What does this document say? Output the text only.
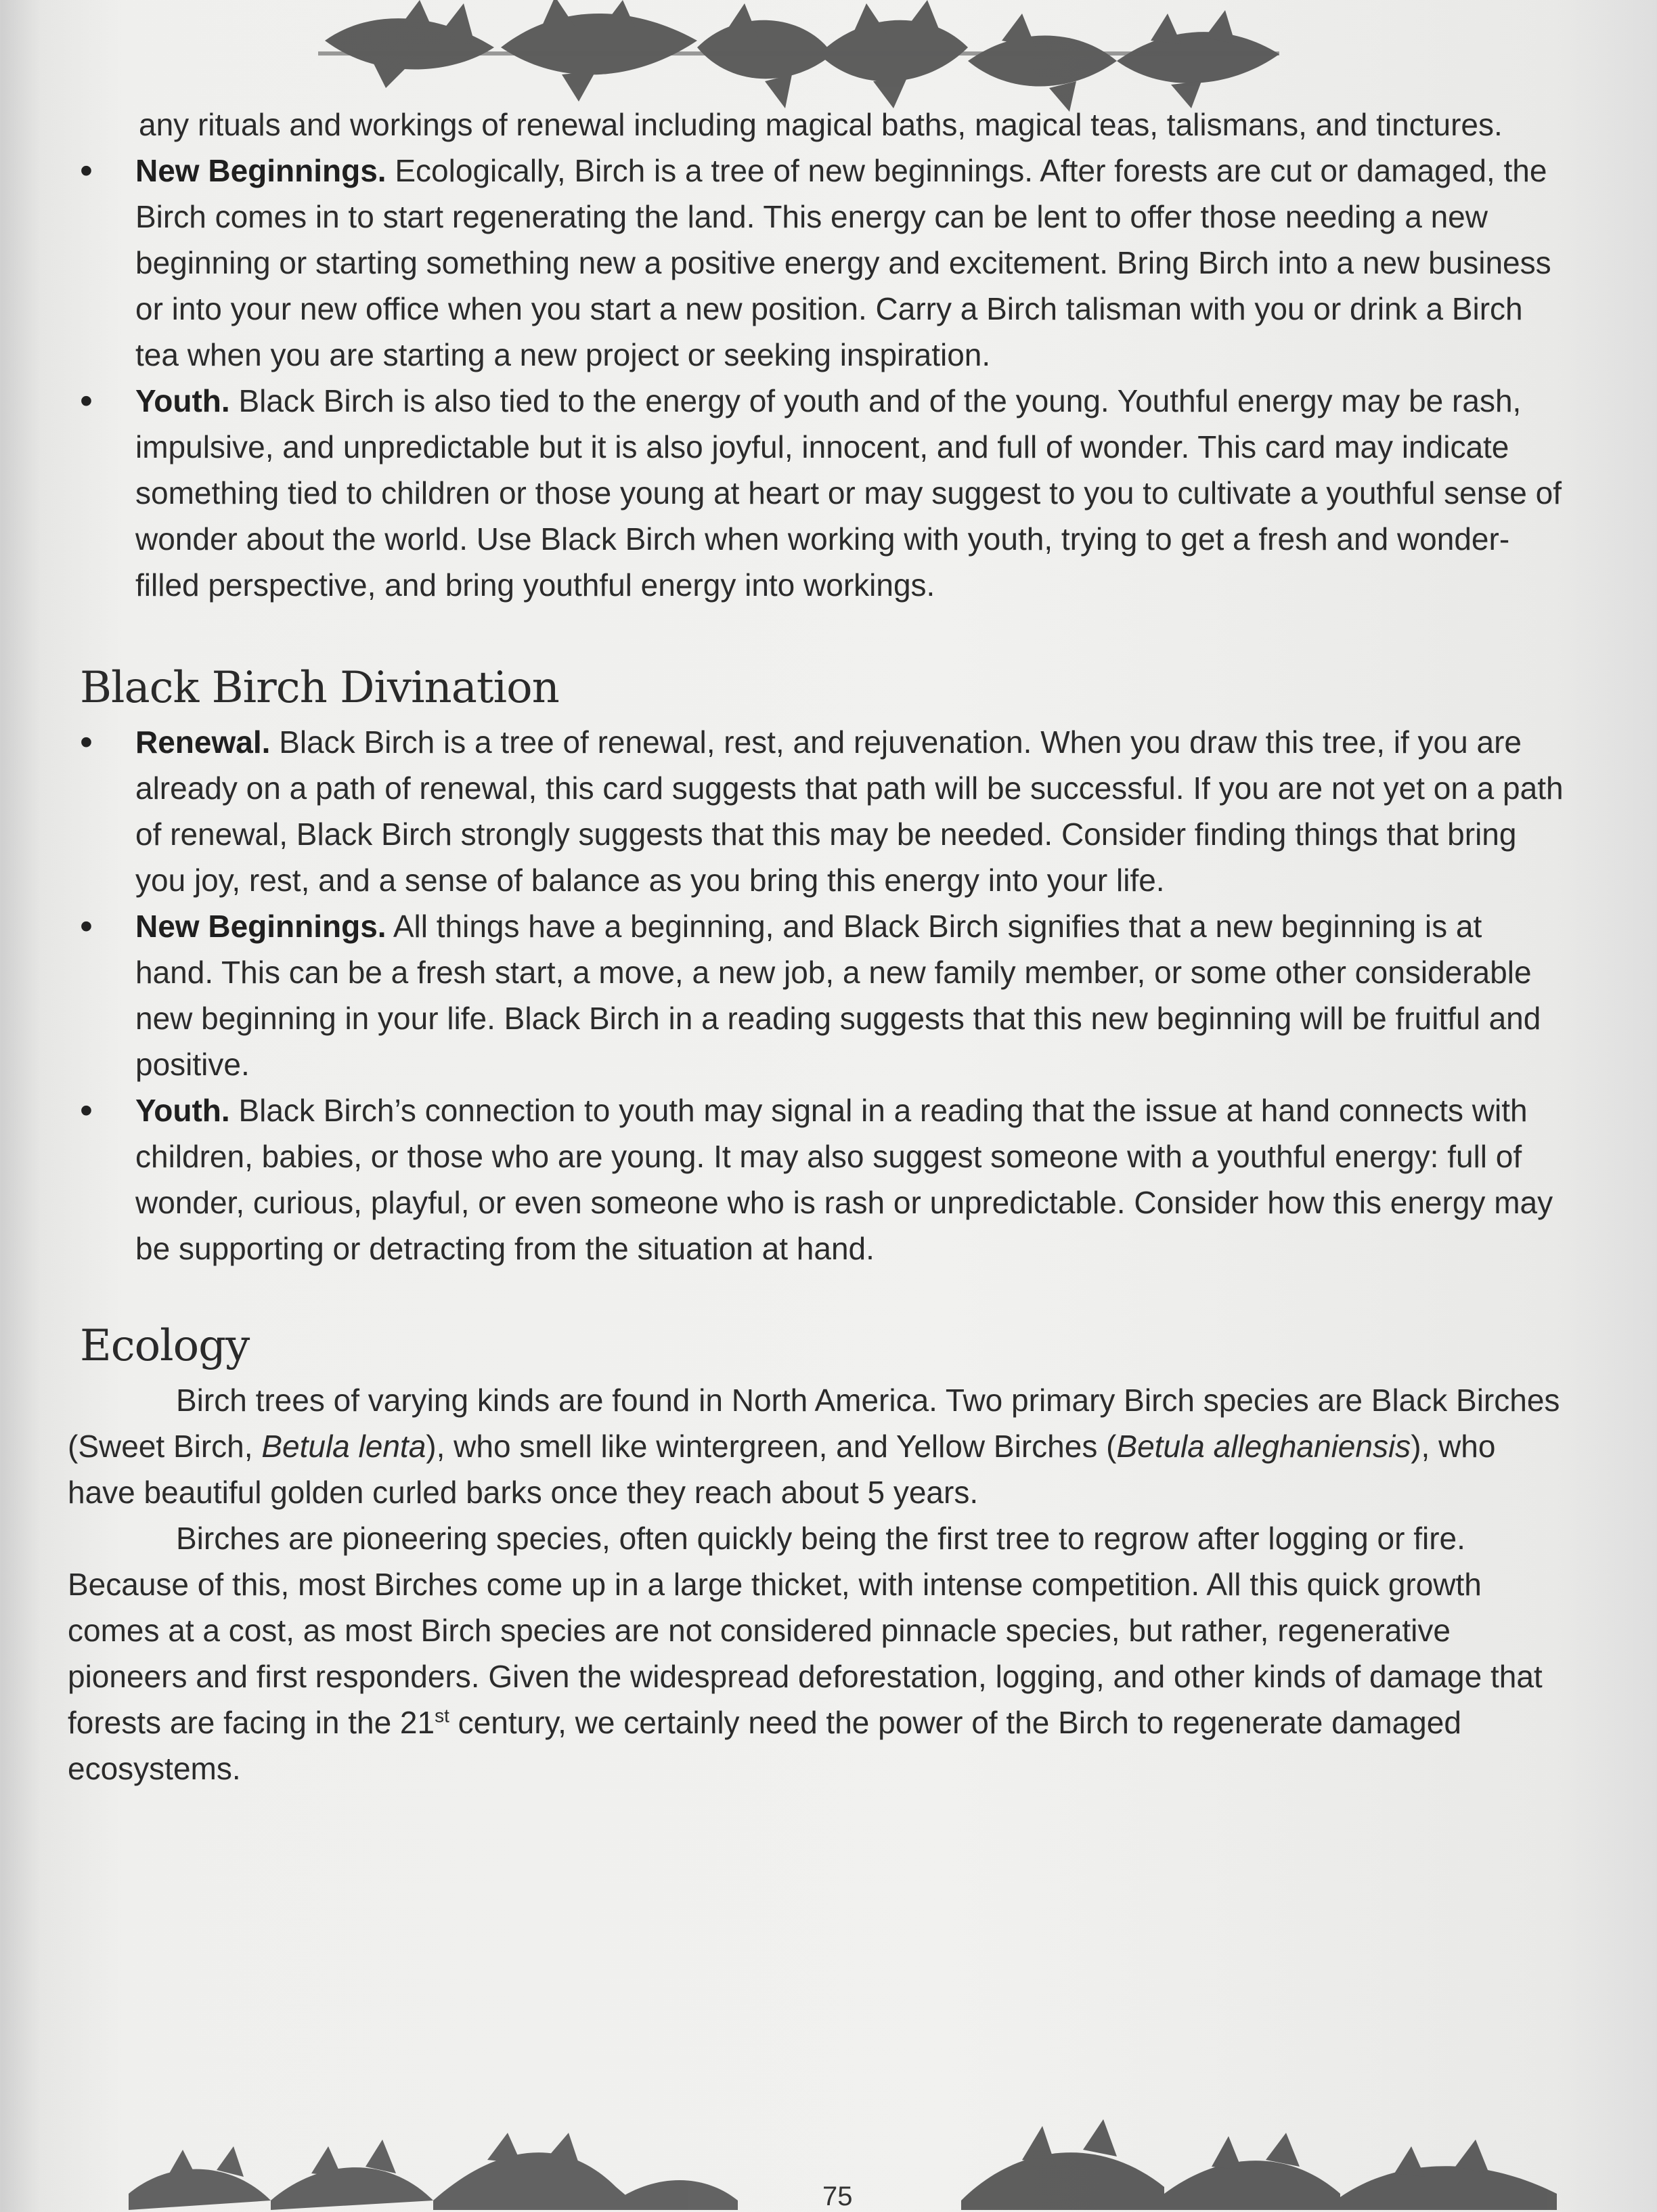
any rituals and workings of renewal including magical baths, magical teas, talismans, and tinctures.

• New Beginnings. Ecologically, Birch is a tree of new beginnings. After forests are cut or damaged, the Birch comes in to start regenerating the land. This energy can be lent to offer those needing a new beginning or starting something new a positive energy and excitement. Bring Birch into a new business or into your new office when you start a new position. Carry a Birch talisman with you or drink a Birch tea when you are starting a new project or seeking inspiration.
• Youth. Black Birch is also tied to the energy of youth and of the young. Youthful energy may be rash, impulsive, and unpredictable but it is also joyful, innocent, and full of wonder. This card may indicate something tied to children or those young at heart or may suggest to you to cultivate a youthful sense of wonder about the world. Use Black Birch when working with youth, trying to get a fresh and wonder-filled perspective, and bring youthful energy into workings.
Black Birch Divination
• Renewal. Black Birch is a tree of renewal, rest, and rejuvenation. When you draw this tree, if you are already on a path of renewal, this card suggests that path will be successful. If you are not yet on a path of renewal, Black Birch strongly suggests that this may be needed. Consider finding things that bring you joy, rest, and a sense of balance as you bring this energy into your life.
• New Beginnings. All things have a beginning, and Black Birch signifies that a new beginning is at hand. This can be a fresh start, a move, a new job, a new family member, or some other considerable new beginning in your life. Black Birch in a reading suggests that this new beginning will be fruitful and positive.
• Youth. Black Birch’s connection to youth may signal in a reading that the issue at hand connects with children, babies, or those who are young. It may also suggest someone with a youthful energy: full of wonder, curious, playful, or even someone who is rash or unpredictable. Consider how this energy may be supporting or detracting from the situation at hand.
Ecology

Birch trees of varying kinds are found in North America. Two primary Birch species are Black Birches (Sweet Birch, Betula lenta), who smell like wintergreen, and Yellow Birches (Betula alleghaniensis), who have beautiful golden curled barks once they reach about 5 years.

Birches are pioneering species, often quickly being the first tree to regrow after logging or fire. Because of this, most Birches come up in a large thicket, with intense competition. All this quick growth comes at a cost, as most Birch species are not considered pinnacle species, but rather, regenerative pioneers and first responders. Given the widespread deforestation, logging, and other kinds of damage that forests are facing in the 21st century, we certainly need the power of the Birch to regenerate damaged ecosystems.

75
